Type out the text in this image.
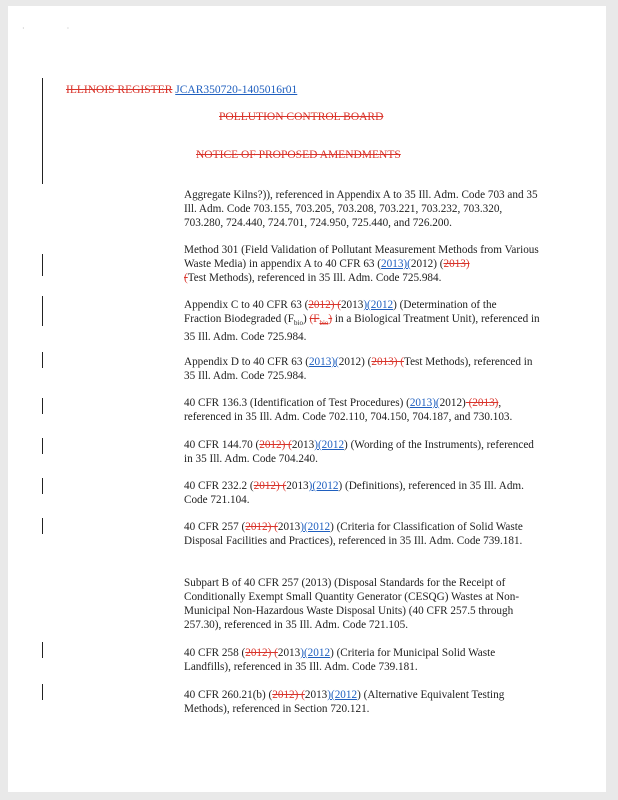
· ·
ILLINOIS REGISTER JCAR350720-1405016r01
POLLUTION CONTROL BOARD
NOTICE OF PROPOSED AMENDMENTS

Aggregate Kilns?)), referenced in Appendix A to 35 Ill. Adm. Code 703 and 35 Ill. Adm. Code 703.155, 703.205, 703.208, 703.221, 703.232, 703.320, 703.280, 724.440, 724.701, 724.950, 725.440, and 726.200.

Method 301 (Field Validation of Pollutant Measurement Methods from Various Waste Media) in appendix A to 40 CFR 63 (2013)(2012) (2013)
(Test Methods), referenced in 35 Ill. Adm. Code 725.984.

Appendix C to 40 CFR 63 (2012) (2013)(2012) (Determination of the
Fraction Biodegraded $(F_{bio})$ $(F_{bio})$ in a Biological Treatment Unit), referenced in 35 Ill. Adm. Code 725.984.

Appendix D to 40 CFR 63 (2013)(2012) (2013) (Test Methods), referenced in 35 Ill. Adm. Code 725.984.

40 CFR 136.3 (Identification of Test Procedures) (2013)(2012) (2013), referenced in 35 Ill. Adm. Code 702.110, 704.150, 704.187, and 730.103.

40 CFR 144.70 (2012) (2013)(2012) (Wording of the Instruments), referenced in 35 Ill. Adm. Code 704.240.

40 CFR 232.2 (2012) (2013)(2012) (Definitions), referenced in 35 Ill. Adm. Code 721.104.

40 CFR 257 (2012) (2013)(2012) (Criteria for Classification of Solid Waste Disposal Facilities and Practices), referenced in 35 Ill. Adm. Code 739.181.

Subpart B of 40 CFR 257 (2013) (Disposal Standards for the Receipt of Conditionally Exempt Small Quantity Generator (CESQG) Wastes at Non-Municipal Non-Hazardous Waste Disposal Units) (40 CFR 257.5 through 257.30), referenced in 35 Ill. Adm. Code 721.105.

40 CFR 258 (2012) (2013)(2012) (Criteria for Municipal Solid Waste Landfills), referenced in 35 Ill. Adm. Code 739.181.

40 CFR 260.21(b) (2012) (2013)(2012) (Alternative Equivalent Testing Methods), referenced in Section 720.121.
